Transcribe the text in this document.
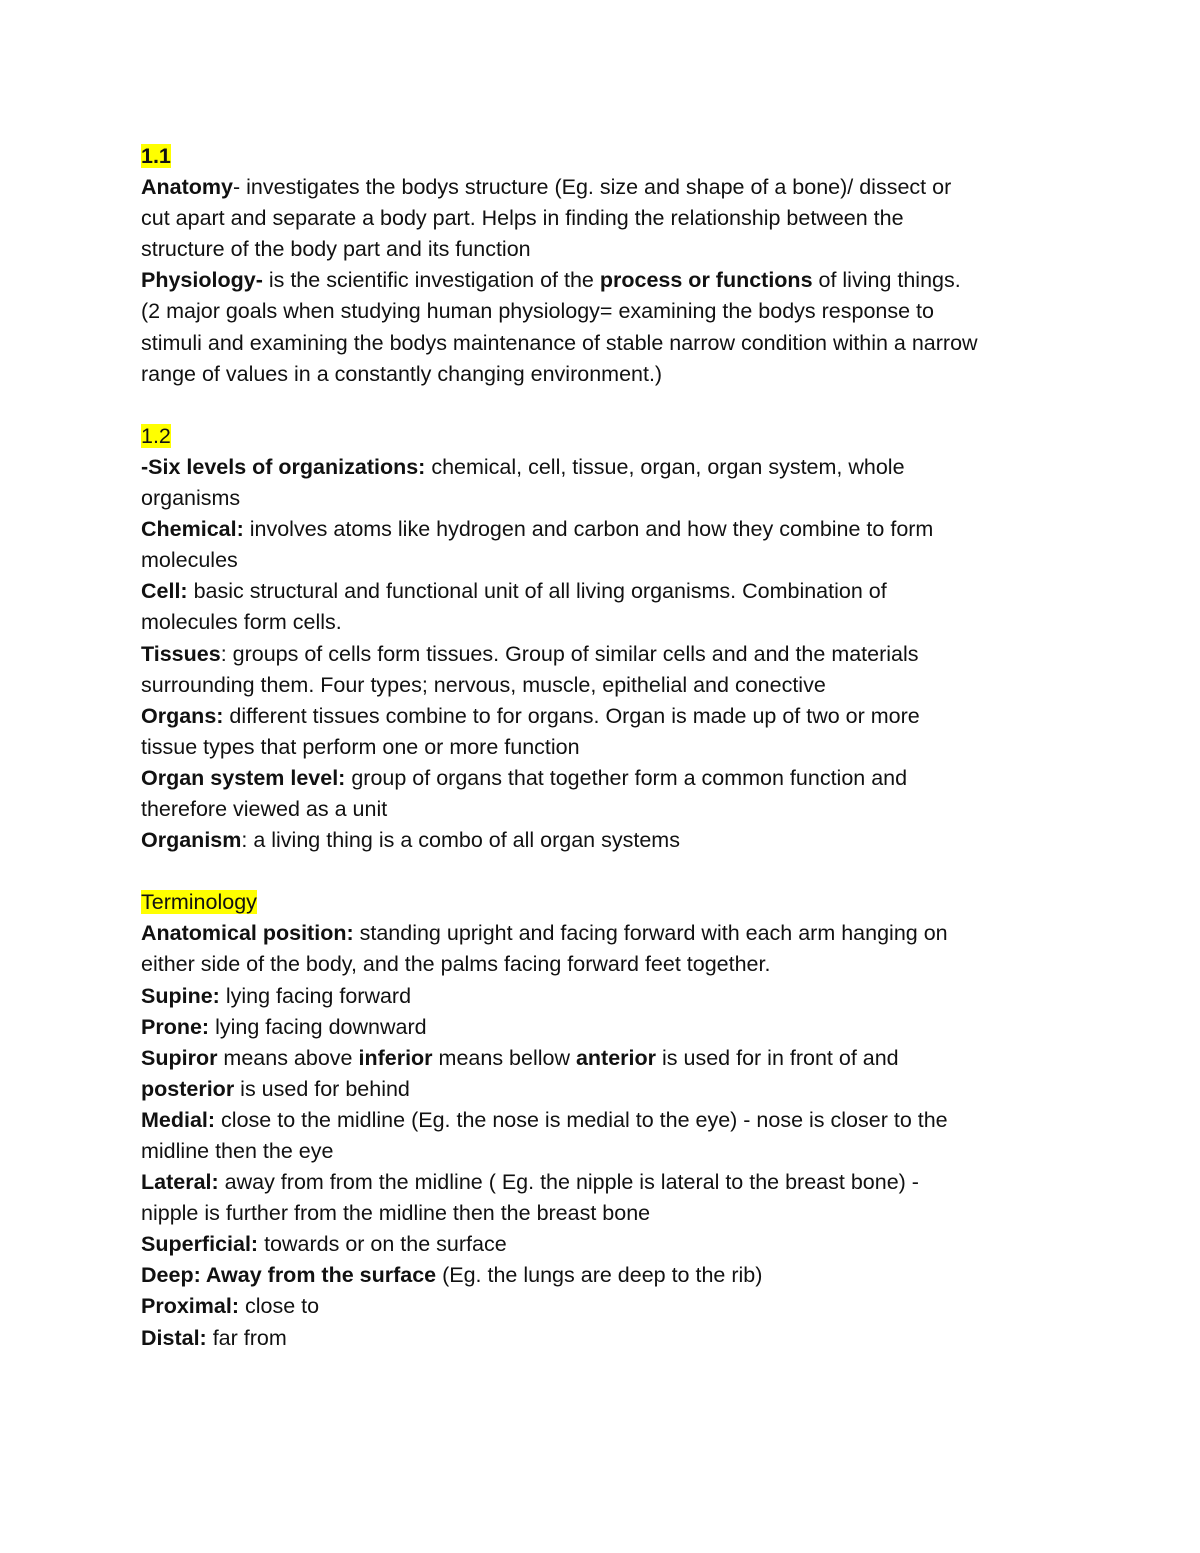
1.1
Anatomy- investigates the bodys structure (Eg. size and shape of a bone)/ dissect or
cut apart and separate a body part. Helps in finding the relationship between the
structure of the body part and its function
Physiology- is the scientific investigation of the process or functions of living things.
(2 major goals when studying human physiology= examining the bodys response to
stimuli and examining the bodys maintenance of stable narrow condition within a narrow
range of values in a constantly changing environment.)
1.2
-Six levels of organizations: chemical, cell, tissue, organ, organ system, whole
organisms
Chemical: involves atoms like hydrogen and carbon and how they combine to form
molecules
Cell: basic structural and functional unit of all living organisms. Combination of
molecules form cells.
Tissues: groups of cells form tissues. Group of similar cells and and the materials
surrounding them. Four types; nervous, muscle, epithelial and conective
Organs: different tissues combine to for organs. Organ is made up of two or more
tissue types that perform one or more function
Organ system level: group of organs that together form a common function and
therefore viewed as a unit
Organism: a living thing is a combo of all organ systems
Terminology
Anatomical position: standing upright and facing forward with each arm hanging on
either side of the body, and the palms facing forward feet together.
Supine: lying facing forward
Prone: lying facing downward
Supiror means above inferior means bellow anterior is used for in front of and
posterior is used for behind
Medial: close to the midline (Eg. the nose is medial to the eye) - nose is closer to the
midline then the eye
Lateral: away from from the midline ( Eg. the nipple is lateral to the breast bone) -
nipple is further from the midline then the breast bone
Superficial: towards or on the surface
Deep: Away from the surface (Eg. the lungs are deep to the rib)
Proximal: close to
Distal: far from
